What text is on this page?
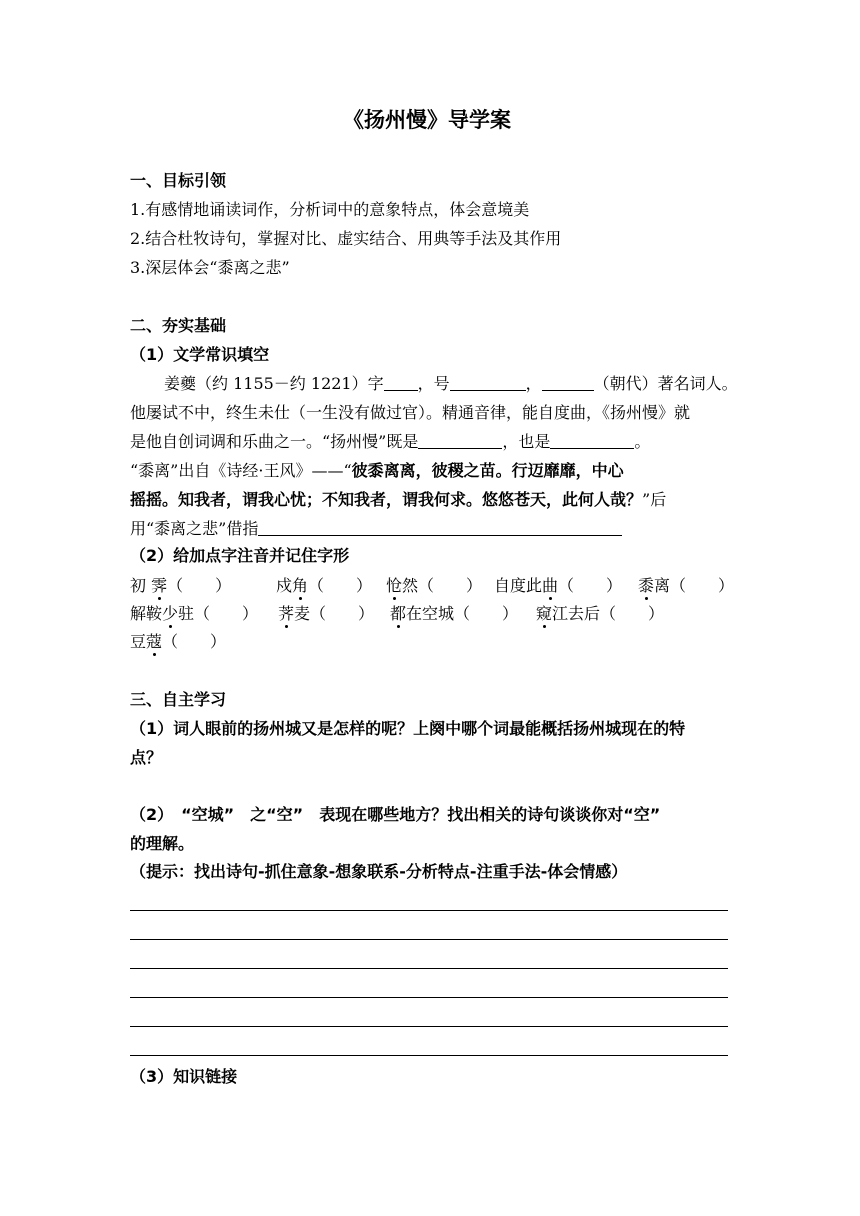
《扬州慢》导学案
一、目标引领
1.有感情地诵读词作，分析词中的意象特点，体会意境美
2.结合杜牧诗句，掌握对比、虚实结合、用典等手法及其作用
3.深层体会“黍离之悲”
二、夯实基础
（1）文学常识填空
姜夔（约 1155－约 1221）字 ，号	，	（朝代）著名词人。
他屡试不中，终生未仕（一生没有做过官）。精通音律，能自度曲，《扬州慢》就
是他自创词调和乐曲之一。“扬州慢”既是	，也是	。
“黍离”出自《诗经·王风》——“彼黍离离，彼稷之苗。行迈靡靡，中心
摇摇。知我者，谓我心忧；不知我者，谓我何求。悠悠苍天，此何人哉？”后
用“黍离之悲”借指
（2）给加点字注音并记住字形
初 霁（　　）	戍角（　　） 怆然（　　） 自度此曲（　　） 黍离（　　）
解鞍少驻（　　） 荠麦（　　） 都在空城（　　） 窥江去后（　　）
豆蔻（　　）
三、自主学习
（1）词人眼前的扬州城又是怎样的呢？上阕中哪个词最能概括扬州城现在的特
点？
（2）　“空城”　之“空”　表现在哪些地方？找出相关的诗句谈谈你对“空”
的理解。
（提示：找出诗句-抓住意象-想象联系-分析特点-注重手法-体会情感）
（3）知识链接
